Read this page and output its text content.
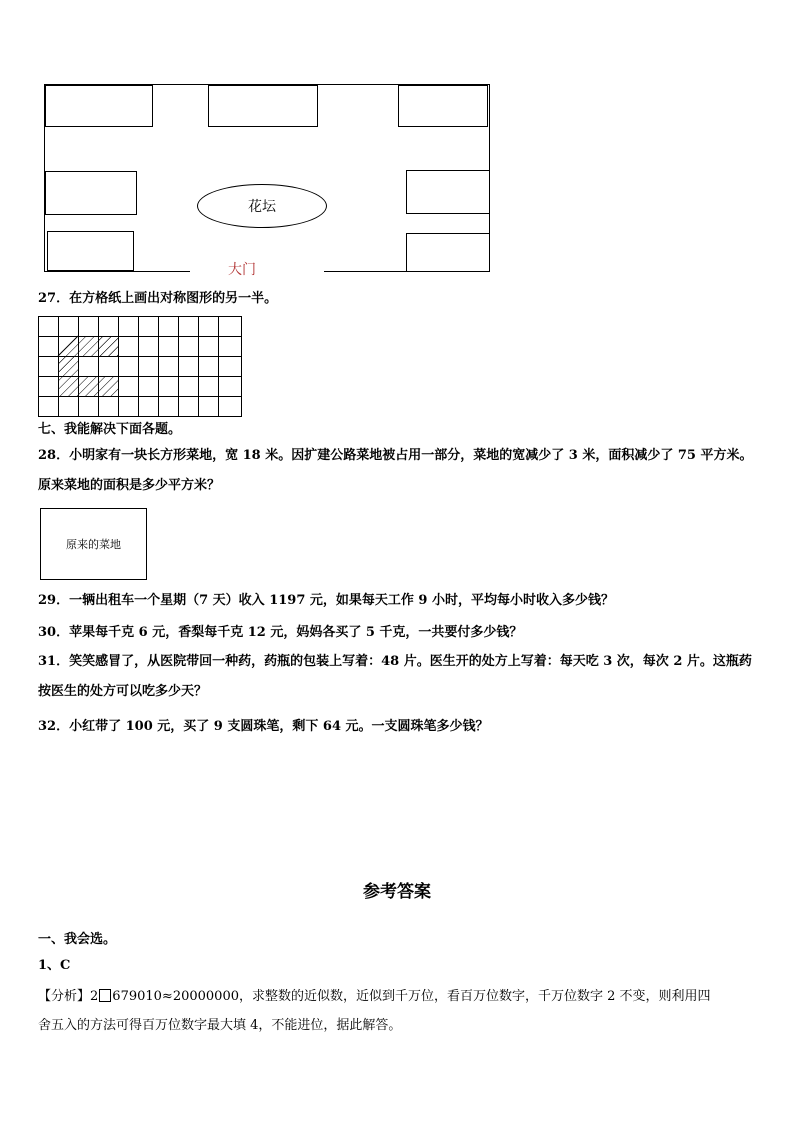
花坛
大门
27．在方格纸上画出对称图形的另一半。
七、我能解决下面各题。
28．小明家有一块长方形菜地，宽 18 米。因扩建公路菜地被占用一部分，菜地的宽减少了 3 米，面积减少了 75 平方米。原来菜地的面积是多少平方米？
原来的菜地
29．一辆出租车一个星期（7 天）收入 1197 元，如果每天工作 9 小时，平均每小时收入多少钱？
30．苹果每千克 6 元，香梨每千克 12 元，妈妈各买了 5 千克，一共要付多少钱？
31．笑笑感冒了，从医院带回一种药，药瓶的包装上写着：48 片。医生开的处方上写着：每天吃 3 次，每次 2 片。这瓶药按医生的处方可以吃多少天？
32．小红带了 100 元，买了 9 支圆珠笔，剩下 64 元。一支圆珠笔多少钱？
参考答案
一、我会选。
1、C
【分析】2 679010≈20000000，求整数的近似数，近似到千万位，看百万位数字，千万位数字 2 不变，则利用四
舍五入的方法可得百万位数字最大填 4，不能进位，据此解答。
